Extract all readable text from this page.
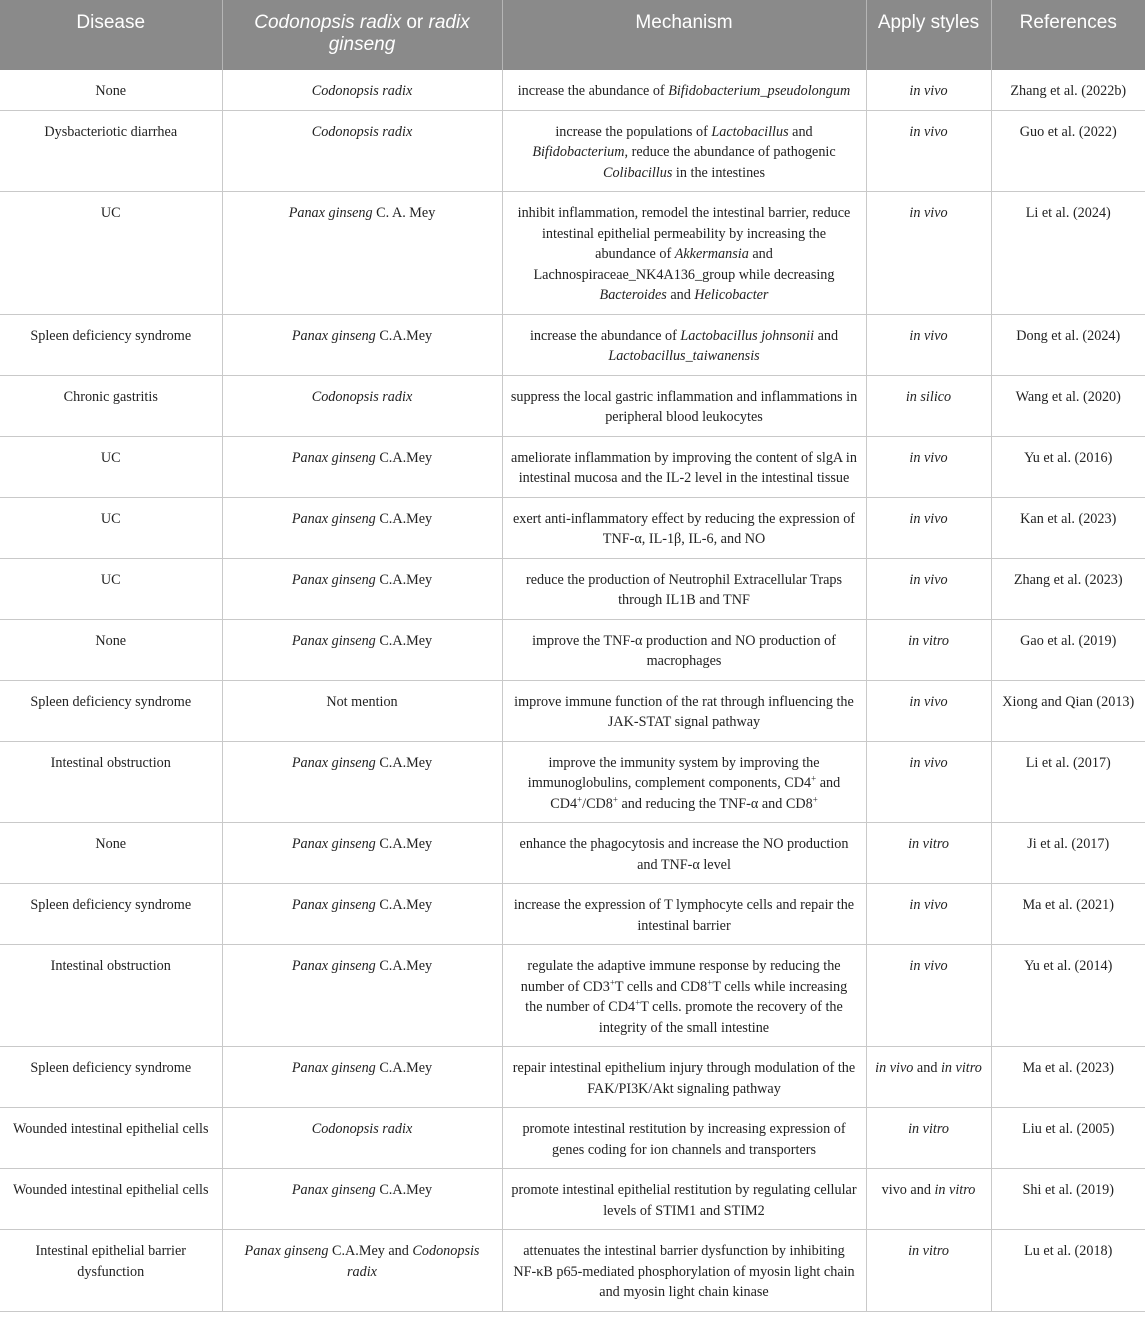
Disease	Codonopsis radix or radix ginseng	Mechanism	Apply styles	References
None	Codonopsis radix	increase the abundance of Bifidobacterium_pseudolongum	in vivo	Zhang et al. (2022b)
Dysbacteriotic diarrhea	Codonopsis radix	increase the populations of Lactobacillus and Bifidobacterium, reduce the abundance of pathogenic Colibacillus in the intestines	in vivo	Guo et al. (2022)
UC	Panax ginseng C. A. Mey	inhibit inflammation, remodel the intestinal barrier, reduce intestinal epithelial permeability by increasing the abundance of Akkermansia and Lachnospiraceae_NK4A136_group while decreasing Bacteroides and Helicobacter	in vivo	Li et al. (2024)
Spleen deficiency syndrome	Panax ginseng C.A.Mey	increase the abundance of Lactobacillus johnsonii and Lactobacillus_taiwanensis	in vivo	Dong et al. (2024)
Chronic gastritis	Codonopsis radix	suppress the local gastric inflammation and inflammations in peripheral blood leukocytes	in silico	Wang et al. (2020)
UC	Panax ginseng C.A.Mey	ameliorate inflammation by improving the content of slgA in intestinal mucosa and the IL-2 level in the intestinal tissue	in vivo	Yu et al. (2016)
UC	Panax ginseng C.A.Mey	exert anti-inflammatory effect by reducing the expression of TNF-α, IL-1β, IL-6, and NO	in vivo	Kan et al. (2023)
UC	Panax ginseng C.A.Mey	reduce the production of Neutrophil Extracellular Traps through IL1B and TNF	in vivo	Zhang et al. (2023)
None	Panax ginseng C.A.Mey	improve the TNF-α production and NO production of macrophages	in vitro	Gao et al. (2019)
Spleen deficiency syndrome	Not mention	improve immune function of the rat through influencing the JAK-STAT signal pathway	in vivo	Xiong and Qian (2013)
Intestinal obstruction	Panax ginseng C.A.Mey	improve the immunity system by improving the immunoglobulins, complement components, CD4+ and CD4+/CD8+ and reducing the TNF-α and CD8+	in vivo	Li et al. (2017)
None	Panax ginseng C.A.Mey	enhance the phagocytosis and increase the NO production and TNF-α level	in vitro	Ji et al. (2017)
Spleen deficiency syndrome	Panax ginseng C.A.Mey	increase the expression of T lymphocyte cells and repair the intestinal barrier	in vivo	Ma et al. (2021)
Intestinal obstruction	Panax ginseng C.A.Mey	regulate the adaptive immune response by reducing the number of CD3+T cells and CD8+T cells while increasing the number of CD4+T cells. promote the recovery of the integrity of the small intestine	in vivo	Yu et al. (2014)
Spleen deficiency syndrome	Panax ginseng C.A.Mey	repair intestinal epithelium injury through modulation of the FAK/PI3K/Akt signaling pathway	in vivo and in vitro	Ma et al. (2023)
Wounded intestinal epithelial cells	Codonopsis radix	promote intestinal restitution by increasing expression of genes coding for ion channels and transporters	in vitro	Liu et al. (2005)
Wounded intestinal epithelial cells	Panax ginseng C.A.Mey	promote intestinal epithelial restitution by regulating cellular levels of STIM1 and STIM2	vivo and in vitro	Shi et al. (2019)
Intestinal epithelial barrier dysfunction	Panax ginseng C.A.Mey and Codonopsis radix	attenuates the intestinal barrier dysfunction by inhibiting NF-κB p65-mediated phosphorylation of myosin light chain and myosin light chain kinase	in vitro	Lu et al. (2018)
